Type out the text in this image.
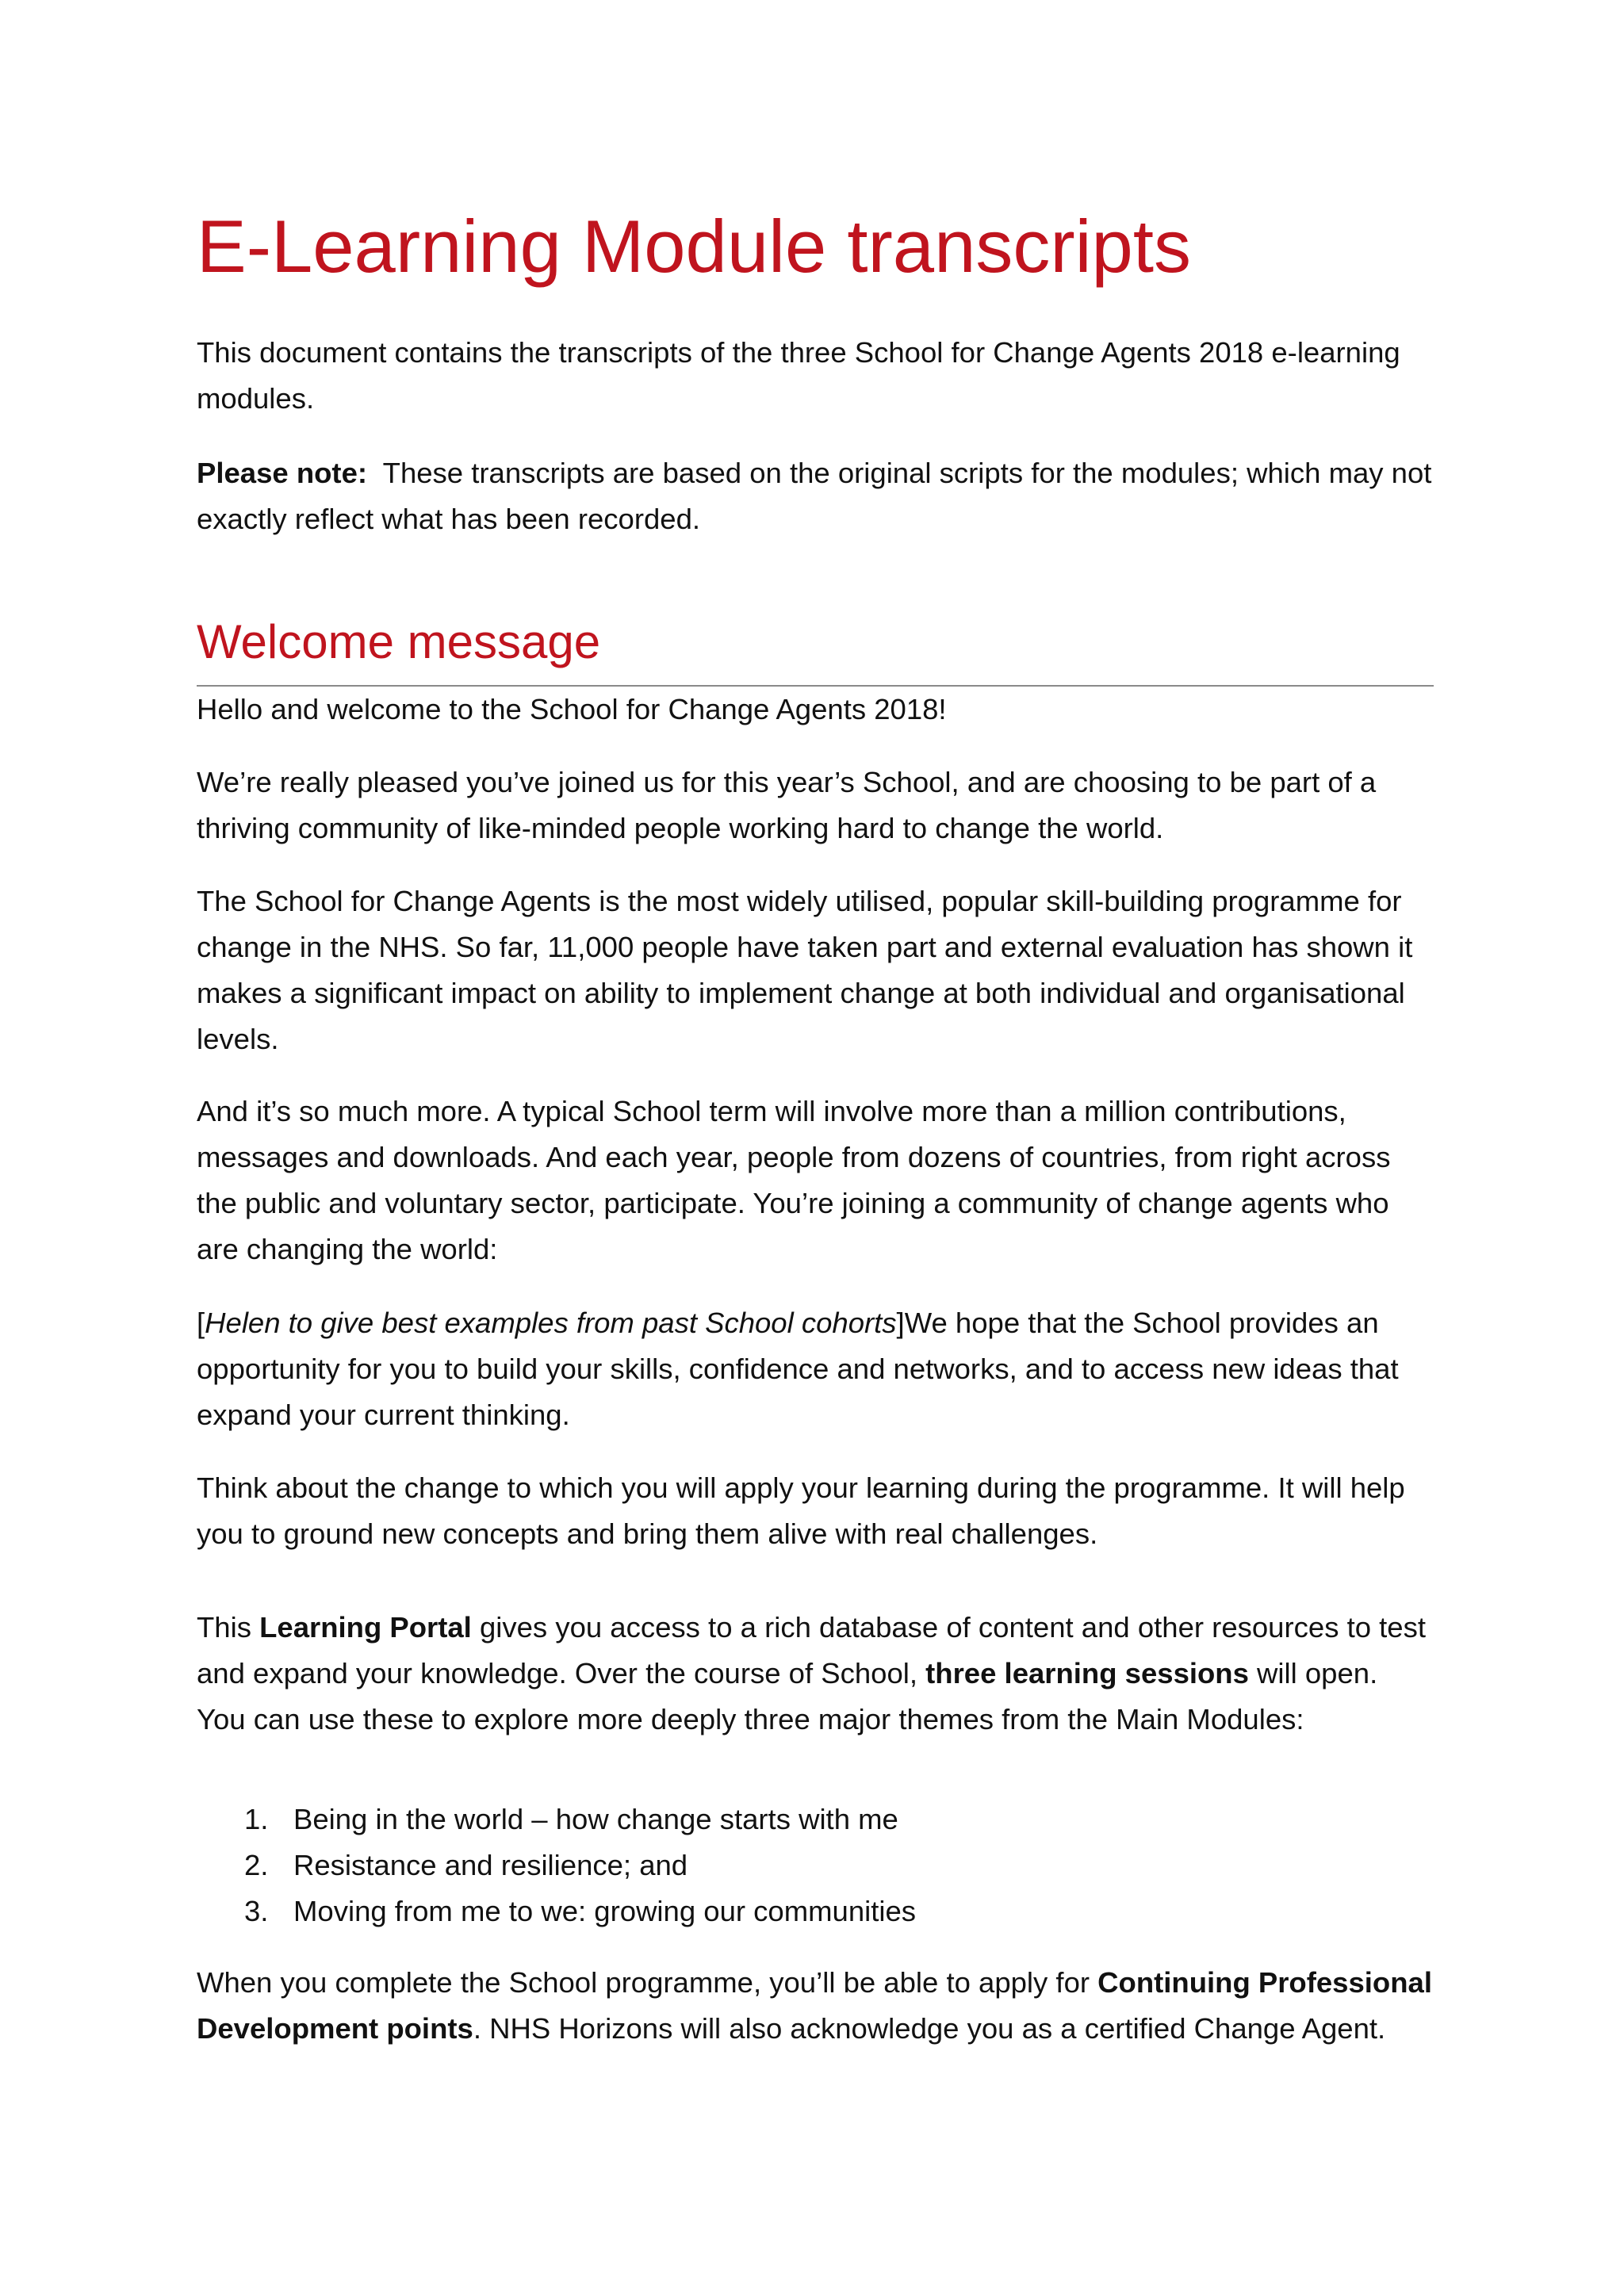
E-Learning Module transcripts

This document contains the transcripts of the three School for Change Agents 2018 e-learning modules.

Please note: These transcripts are based on the original scripts for the modules; which may not exactly reflect what has been recorded.

Welcome message

Hello and welcome to the School for Change Agents 2018!

We’re really pleased you’ve joined us for this year’s School, and are choosing to be part of a thriving community of like-minded people working hard to change the world.

The School for Change Agents is the most widely utilised, popular skill-building programme for change in the NHS. So far, 11,000 people have taken part and external evaluation has shown it makes a significant impact on ability to implement change at both individual and organisational levels.

And it’s so much more. A typical School term will involve more than a million contributions, messages and downloads. And each year, people from dozens of countries, from right across the public and voluntary sector, participate. You’re joining a community of change agents who are changing the world:

[Helen to give best examples from past School cohorts]We hope that the School provides an opportunity for you to build your skills, confidence and networks, and to access new ideas that expand your current thinking.

Think about the change to which you will apply your learning during the programme. It will help you to ground new concepts and bring them alive with real challenges.

This Learning Portal gives you access to a rich database of content and other resources to test and expand your knowledge. Over the course of School, three learning sessions will open. You can use these to explore more deeply three major themes from the Main Modules:

1. Being in the world – how change starts with me
2. Resistance and resilience; and
3. Moving from me to we: growing our communities

When you complete the School programme, you’ll be able to apply for Continuing Professional Development points. NHS Horizons will also acknowledge you as a certified Change Agent.
